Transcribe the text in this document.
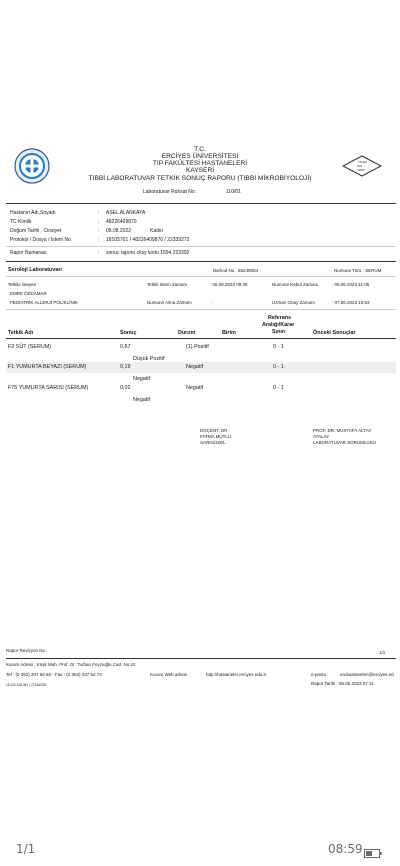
T.C.
ERCİYES ÜNİVERSİTESİ
TIP FAKÜLTESİ HASTANELERİ
KAYSERİ
TIBBİ LABORATUVAR TETKİK SONUÇ RAPORU (TIBBİ MİKROBİYOLOJİ)
TS EN
ISO
9001
Laboratuvar Ruhsat No :	110/01
Hastanın Adı,Soyadı	: ASEL ALANKAYA
TC Kimlik	: 48226409870
Doğum Tarihi , Cinsiyet	: 05.08.2022	Kadın
Protokol / Dosya / İstem No	: 18105761 / 48226409870 / 22339272
Rapor Numarası	: sonuc raporu cksy kodu 1594.223392
Seroloji Laboratuvarı	Barkod No : 85249904	Numune Türü : SERUM
Tetkiki İsteyen :	Tetkik İstem Zamanı	: 05.06.2023 09:38	Numune Kabul Zamanı	: 05.06.2023 11:05
EMRE ÖZDAMAR
PEDİATRİK ALLERJİ POLİKLİNİK	Numune Alma Zamanı	:	Uzman Onay Zamanı	: 07.06.2023 15:53
Tetkik Adı	Sonuç	Durum	Birim
Referans
Aralığı/Karar
Sınırı	Önceki Sonuçlar
F2 SÜT (SERUM)	0,67	(1) Pozitif	0 - 1
Düşük Pozitif
F1 YUMURTA BEYAZI (SERUM)	0,19	Negatif	0 - 1
Negatif
F75 YUMURTA SARISI (SERUM)	0,02	Negatif	0 - 1
Negatif
DOÇENT. DR.
FATMA MUTLU
SARIGÜZEL
PROF. DR. MUSTAFA ALTAY
ATALAY
LABORATUVAR SORUMLUSU
Rapor Revizyon No :	1/1
Kurum Adresi : Köşk Mah. Prof. Dr. Turhan Feyzioğlu Cad. No:42
Tel : (0 352) 207 66 66 - Fax : (0 352) 437 52 73	Kurum Web adresi :	http://hastaneler.erciyes.edu.tr	e-posta :	eruhastaneleri@erciyes.ed
18.120.126.46 ( ) 2716423B	Rapor Tarihi : 08.06.2023 07:11
1/1	08:59
